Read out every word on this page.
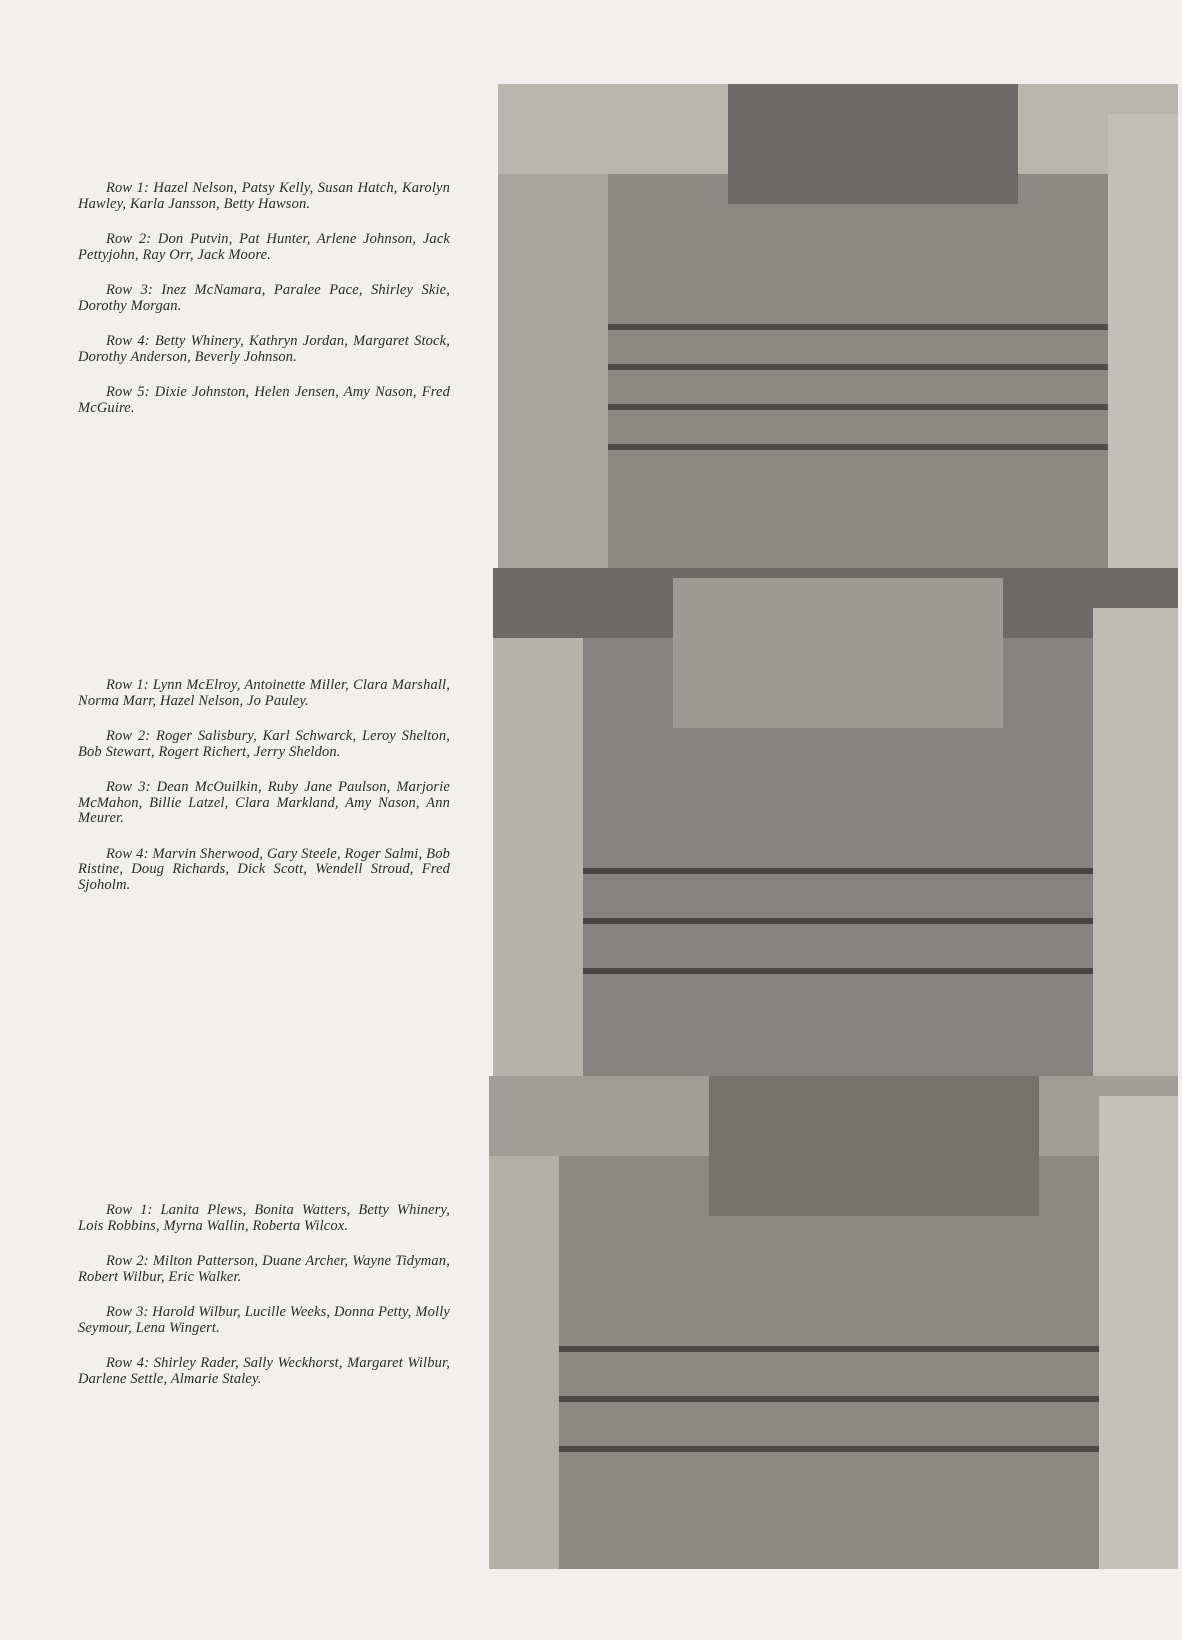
Row 1: Hazel Nelson, Patsy Kelly, Susan Hatch, Karolyn Hawley, Karla Jansson, Betty Hawson.

Row 2: Don Putvin, Pat Hunter, Arlene Johnson, Jack Pettyjohn, Ray Orr, Jack Moore.

Row 3: Inez McNamara, Paralee Pace, Shirley Skie, Dorothy Morgan.

Row 4: Betty Whinery, Kathryn Jordan, Margaret Stock, Dorothy Anderson, Beverly Johnson.

Row 5: Dixie Johnston, Helen Jensen, Amy Nason, Fred McGuire.

Row 1: Lynn McElroy, Antoinette Miller, Clara Marshall, Norma Marr, Hazel Nelson, Jo Pauley.

Row 2: Roger Salisbury, Karl Schwarck, Leroy Shelton, Bob Stewart, Rogert Richert, Jerry Sheldon.

Row 3: Dean McOuilkin, Ruby Jane Paulson, Marjorie McMahon, Billie Latzel, Clara Markland, Amy Nason, Ann Meurer.

Row 4: Marvin Sherwood, Gary Steele, Roger Salmi, Bob Ristine, Doug Richards, Dick Scott, Wendell Stroud, Fred Sjoholm.

Row 1: Lanita Plews, Bonita Watters, Betty Whinery, Lois Robbins, Myrna Wallin, Roberta Wilcox.

Row 2: Milton Patterson, Duane Archer, Wayne Tidyman, Robert Wilbur, Eric Walker.

Row 3: Harold Wilbur, Lucille Weeks, Donna Petty, Molly Seymour, Lena Wingert.

Row 4: Shirley Rader, Sally Weckhorst, Margaret Wilbur, Darlene Settle, Almarie Staley.
